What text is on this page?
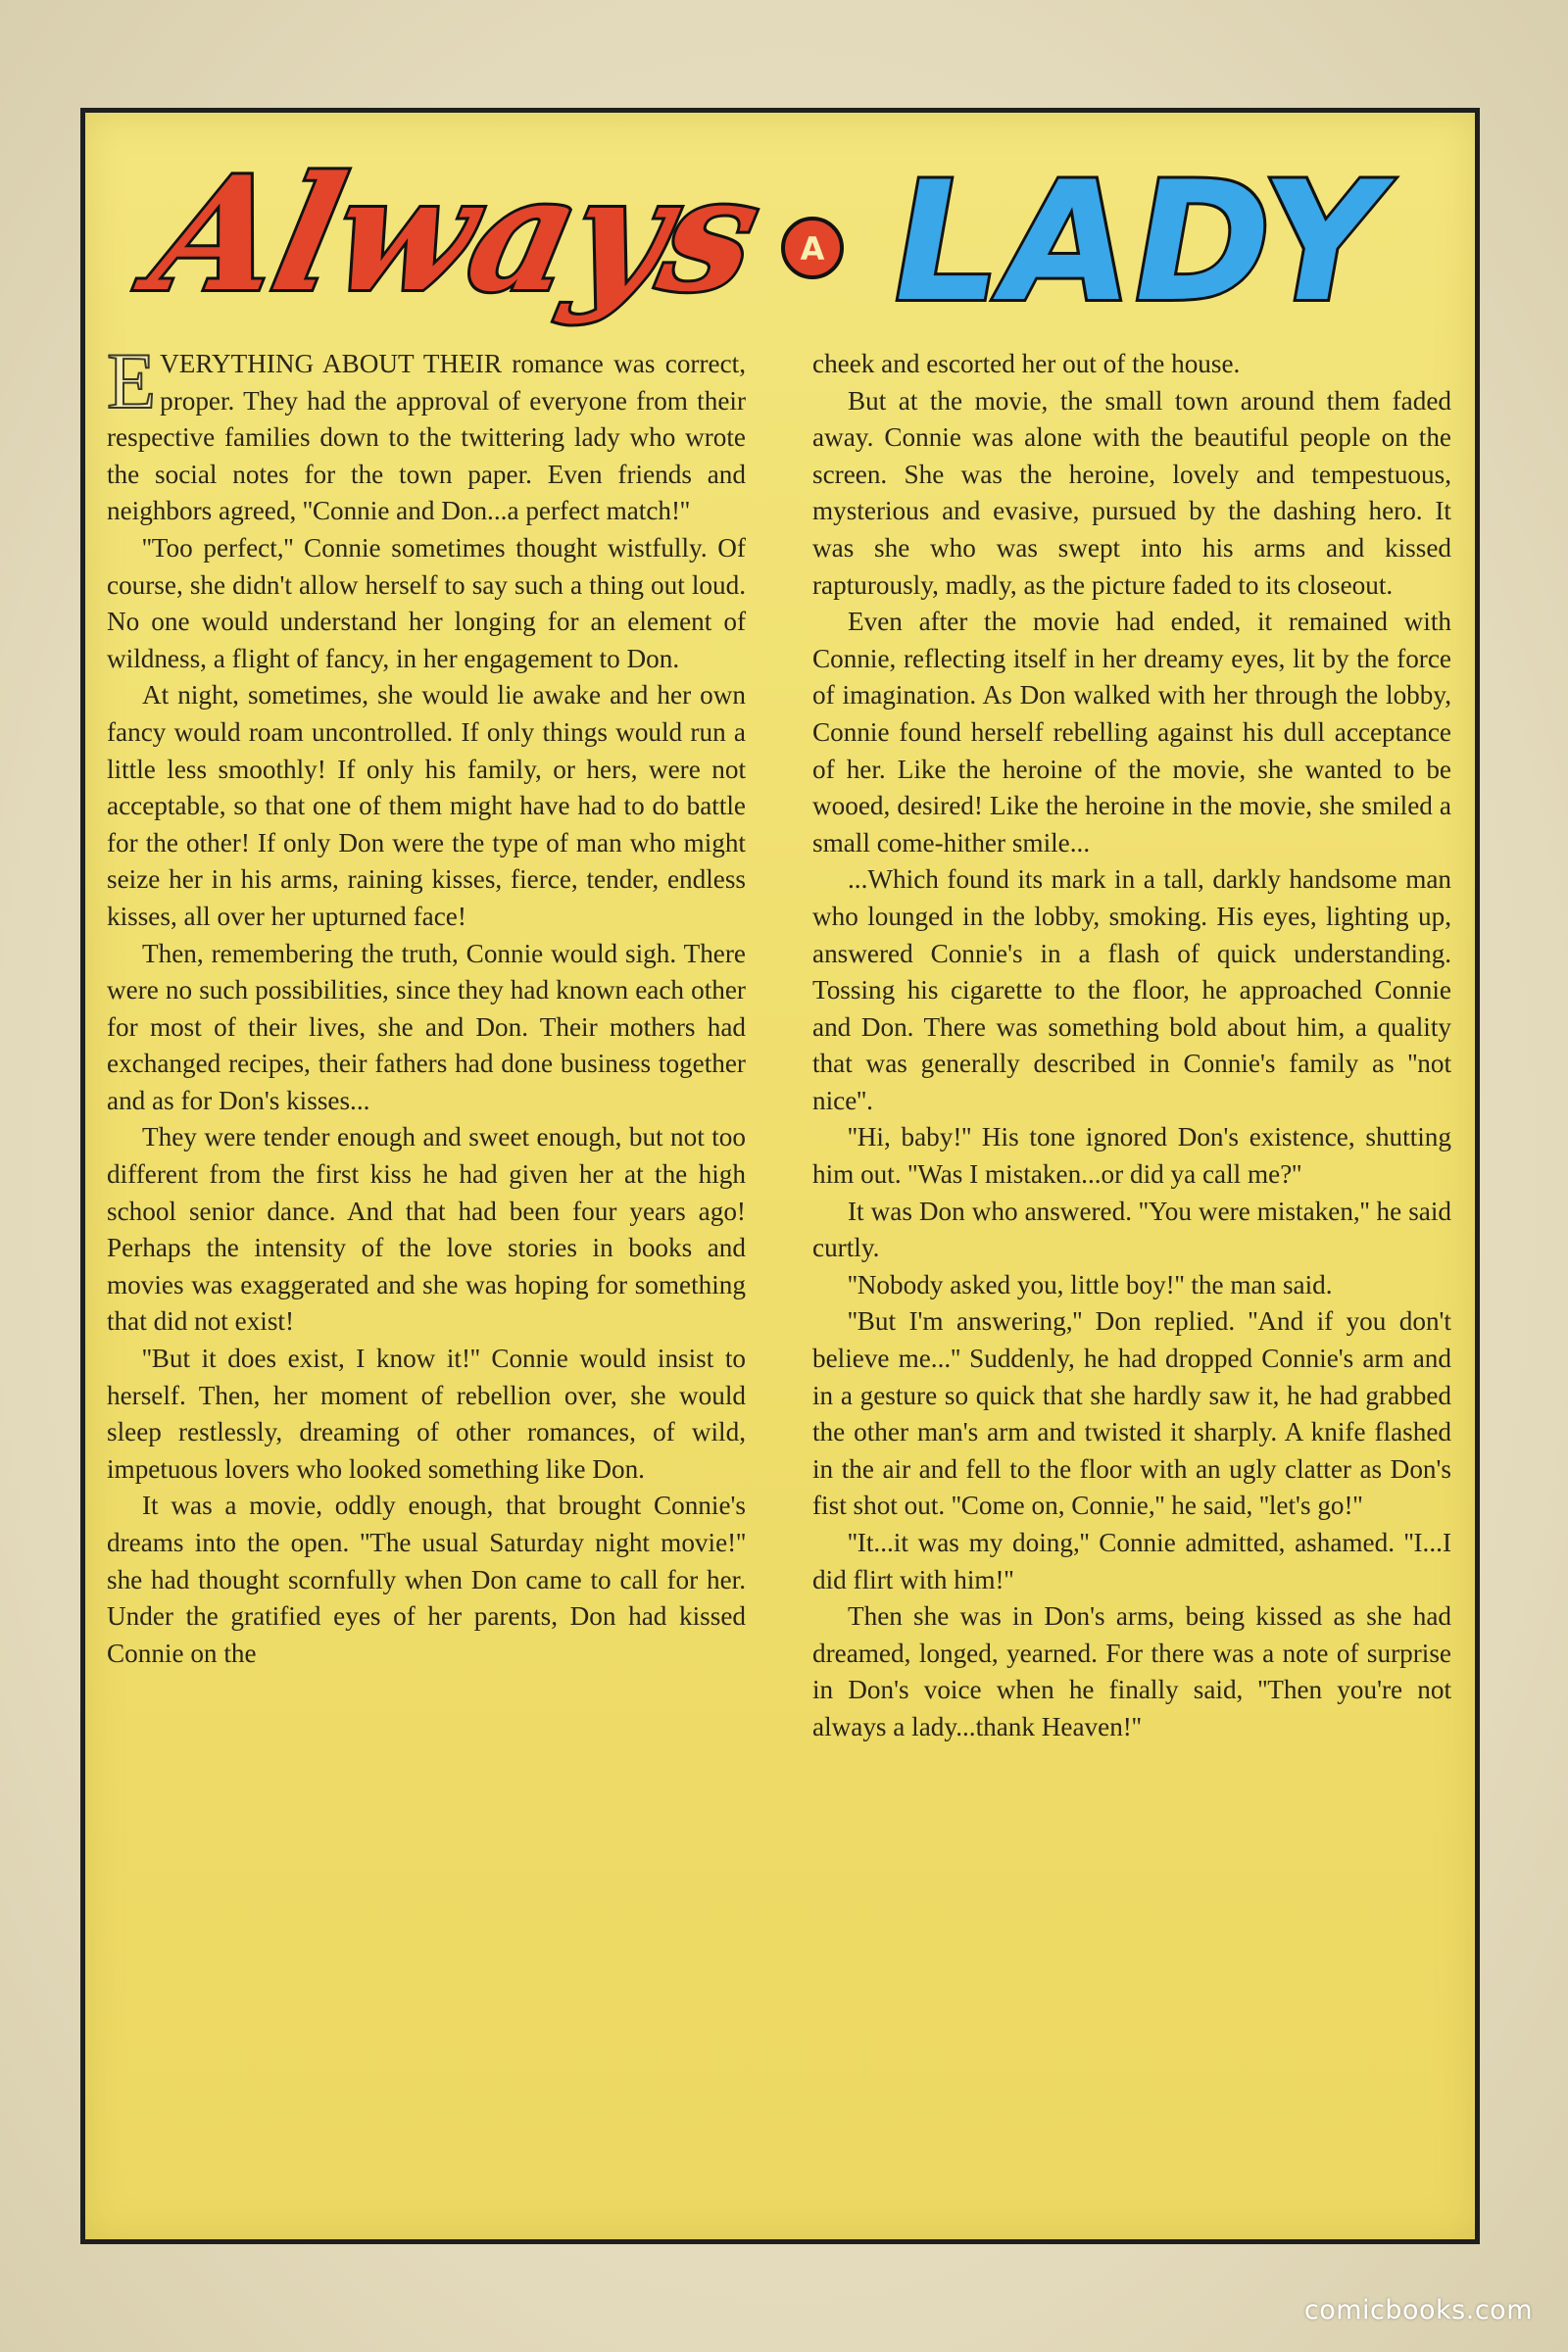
Always A LADY

EVERYTHING ABOUT THEIR romance was correct, proper. They had the approval of everyone from their respective families down to the twittering lady who wrote the social notes for the town paper. Even friends and neighbors agreed, ''Connie and Don...a perfect match!''

''Too perfect,'' Connie sometimes thought wistfully. Of course, she didn't allow herself to say such a thing out loud. No one would understand her longing for an element of wildness, a flight of fancy, in her engagement to Don.

At night, sometimes, she would lie awake and her own fancy would roam uncontrolled. If only things would run a little less smoothly! If only his family, or hers, were not acceptable, so that one of them might have had to do battle for the other! If only Don were the type of man who might seize her in his arms, raining kisses, fierce, tender, endless kisses, all over her upturned face!

Then, remembering the truth, Connie would sigh. There were no such possibilities, since they had known each other for most of their lives, she and Don. Their mothers had exchanged recipes, their fathers had done business together and as for Don's kisses...

They were tender enough and sweet enough, but not too different from the first kiss he had given her at the high school senior dance. And that had been four years ago! Perhaps the intensity of the love stories in books and movies was exaggerated and she was hoping for something that did not exist!

''But it does exist, I know it!'' Connie would insist to herself. Then, her moment of rebellion over, she would sleep restlessly, dreaming of other romances, of wild, impetuous lovers who looked something like Don.

It was a movie, oddly enough, that brought Connie's dreams into the open. ''The usual Saturday night movie!'' she had thought scornfully when Don came to call for her. Under the gratified eyes of her parents, Don had kissed Connie on the

cheek and escorted her out of the house.

But at the movie, the small town around them faded away. Connie was alone with the beautiful people on the screen. She was the heroine, lovely and tempestuous, mysterious and evasive, pursued by the dashing hero. It was she who was swept into his arms and kissed rapturously, madly, as the picture faded to its closeout.

Even after the movie had ended, it remained with Connie, reflecting itself in her dreamy eyes, lit by the force of imagination. As Don walked with her through the lobby, Connie found herself rebelling against his dull acceptance of her. Like the heroine of the movie, she wanted to be wooed, desired! Like the heroine in the movie, she smiled a small come-hither smile...

...Which found its mark in a tall, darkly handsome man who lounged in the lobby, smoking. His eyes, lighting up, answered Connie's in a flash of quick understanding. Tossing his cigarette to the floor, he approached Connie and Don. There was something bold about him, a quality that was generally described in Connie's family as ''not nice''.

''Hi, baby!'' His tone ignored Don's existence, shutting him out. ''Was I mistaken...or did ya call me?''

It was Don who answered. ''You were mistaken,'' he said curtly.

''Nobody asked you, little boy!'' the man said.

''But I'm answering,'' Don replied. ''And if you don't believe me...'' Suddenly, he had dropped Connie's arm and in a gesture so quick that she hardly saw it, he had grabbed the other man's arm and twisted it sharply. A knife flashed in the air and fell to the floor with an ugly clatter as Don's fist shot out. ''Come on, Connie,'' he said, ''let's go!''

''It...it was my doing,'' Connie admitted, ashamed. ''I...I did flirt with him!''

Then she was in Don's arms, being kissed as she had dreamed, longed, yearned. For there was a note of surprise in Don's voice when he finally said, ''Then you're not always a lady...thank Heaven!''

comicbooks.com
